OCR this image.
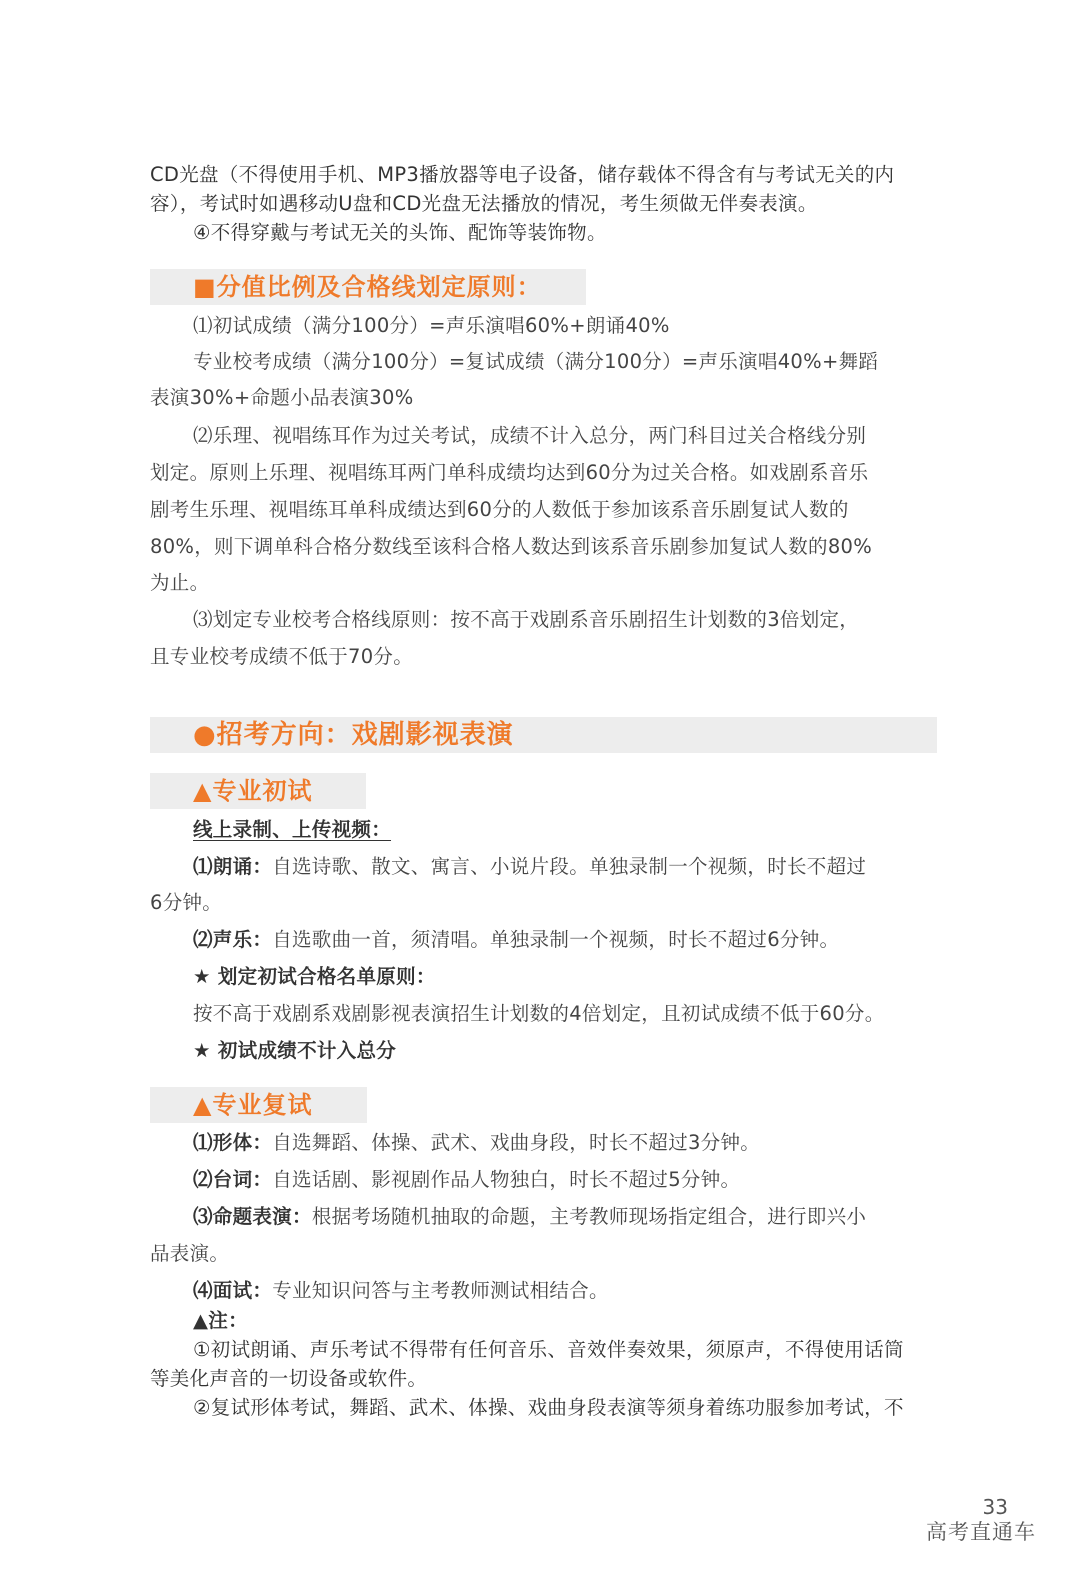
CD光盘（不得使用手机、MP3播放器等电子设备，储存载体不得含有与考试无关的内
容），考试时如遇移动U盘和CD光盘无法播放的情况，考生须做无伴奏表演。
④不得穿戴与考试无关的头饰、配饰等装饰物。
■分值比例及合格线划定原则：
⑴初试成绩（满分100分）=声乐演唱60%+朗诵40%
专业校考成绩（满分100分）=复试成绩（满分100分）=声乐演唱40%+舞蹈
表演30%+命题小品表演30%
⑵乐理、视唱练耳作为过关考试，成绩不计入总分，两门科目过关合格线分别
划定。原则上乐理、视唱练耳两门单科成绩均达到60分为过关合格。如戏剧系音乐
剧考生乐理、视唱练耳单科成绩达到60分的人数低于参加该系音乐剧复试人数的
80%，则下调单科合格分数线至该科合格人数达到该系音乐剧参加复试人数的80%
为止。
⑶划定专业校考合格线原则：按不高于戏剧系音乐剧招生计划数的3倍划定，
且专业校考成绩不低于70分。
●招考方向：戏剧影视表演
▲专业初试
线上录制、上传视频：
⑴朗诵：自选诗歌、散文、寓言、小说片段。单独录制一个视频，时长不超过
6分钟。
⑵声乐：自选歌曲一首，须清唱。单独录制一个视频，时长不超过6分钟。
★ 划定初试合格名单原则：
按不高于戏剧系戏剧影视表演招生计划数的4倍划定，且初试成绩不低于60分。
★ 初试成绩不计入总分
▲专业复试
⑴形体：自选舞蹈、体操、武术、戏曲身段，时长不超过3分钟。
⑵台词：自选话剧、影视剧作品人物独白，时长不超过5分钟。
⑶命题表演：根据考场随机抽取的命题，主考教师现场指定组合，进行即兴小
品表演。
⑷面试：专业知识问答与主考教师测试相结合。
▲注：
①初试朗诵、声乐考试不得带有任何音乐、音效伴奏效果，须原声，不得使用话筒
等美化声音的一切设备或软件。
②复试形体考试，舞蹈、武术、体操、戏曲身段表演等须身着练功服参加考试，不
33
高考直通车
